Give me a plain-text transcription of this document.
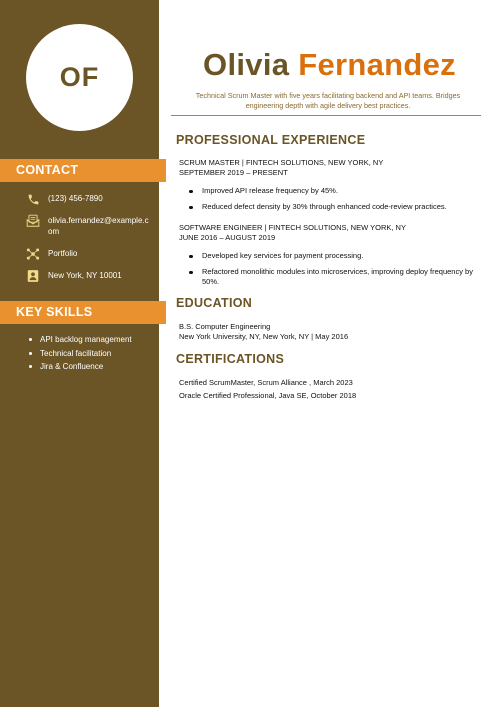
OF
CONTACT
(123) 456-7890
olivia.fernandez@example.com
Portfolio
New York, NY 10001
KEY SKILLS
API backlog management
Technical facilitation
Jira & Confluence
Olivia Fernandez
Technical Scrum Master with five years facilitating backend and API teams. Bridges engineering depth with agile delivery best practices.
PROFESSIONAL EXPERIENCE
SCRUM MASTER | FINTECH SOLUTIONS, NEW YORK, NY
SEPTEMBER 2019 – PRESENT
Improved API release frequency by 45%.
Reduced defect density by 30% through enhanced code-review practices.
SOFTWARE ENGINEER | FINTECH SOLUTIONS, NEW YORK, NY
JUNE 2016 – AUGUST 2019
Developed key services for payment processing.
Refactored monolithic modules into microservices, improving deploy frequency by 50%.
EDUCATION
B.S. Computer Engineering
New York University, NY, New York, NY | May 2016
CERTIFICATIONS
Certified ScrumMaster, Scrum Alliance , March 2023
Oracle Certified Professional, Java SE, October 2018
